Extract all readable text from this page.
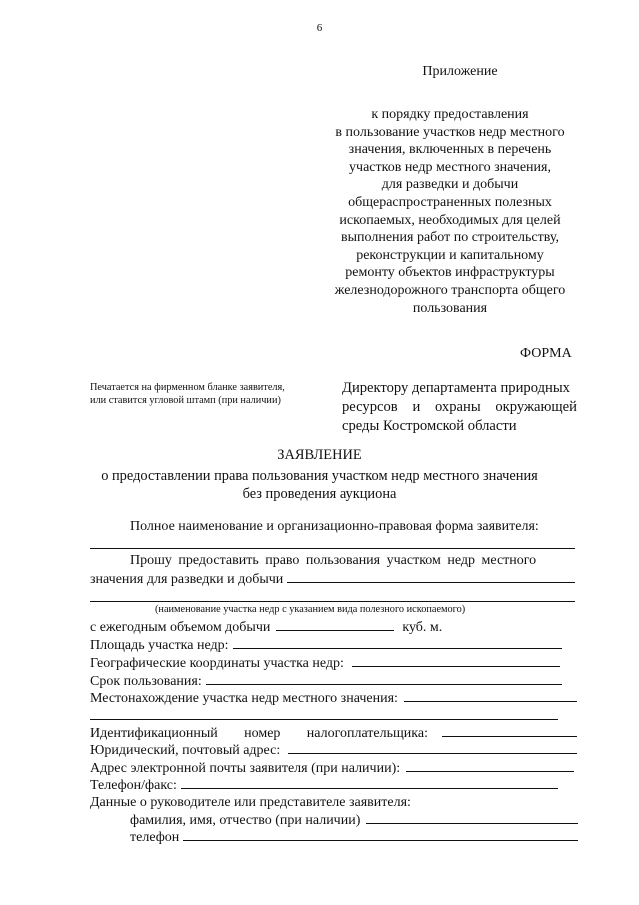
6
Приложение
к порядку предоставления
в пользование участков недр местного
значения, включенных в перечень
участков недр местного значения,
для разведки и добычи
общераспространенных полезных
ископаемых, необходимых для целей
выполнения работ по строительству,
реконструкции и капитальному
ремонту объектов инфраструктуры
железнодорожного транспорта общего
пользования
ФОРМА
Печатается на фирменном бланке заявителя,
или ставится угловой штамп (при наличии)
Директору департамента природных
ресурсов и охраны окружающей
среды Костромской области
ЗАЯВЛЕНИЕ
о предоставлении права пользования участком недр местного значения
без проведения аукциона
Полное наименование и организационно-правовая форма заявителя:
Прошу предоставить право пользования участком недр местного
значения для разведки и добычи
(наименование участка недр с указанием вида полезного ископаемого)
с ежегодным объемом добычи	куб. м.
Площадь участка недр:
Географические координаты участка недр:
Срок пользования:
Местонахождение участка недр местного значения:
Идентификационный номер налогоплательщика:
Юридический, почтовый адрес:
Адрес электронной почты заявителя (при наличии):
Телефон/факс:
Данные о руководителе или представителе заявителя:
фамилия, имя, отчество (при наличии)
телефон
